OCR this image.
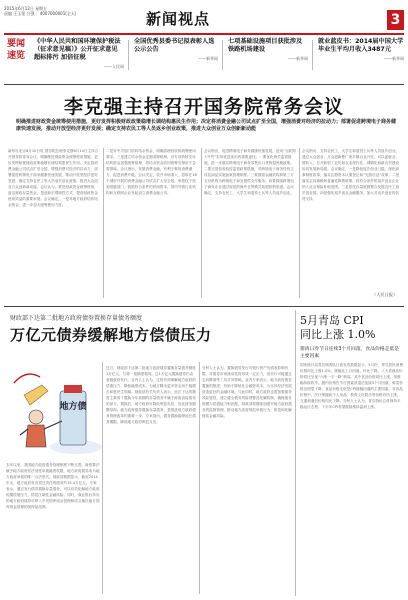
2015年6月12日 星期五
责编 王玉玺 吕强 ：4007000001(全天)	新闻视点	3
要闻速览
《中华人民共和国环境保护税法（征求意见稿）》公开征求意见 超标排污 加倍征税
——人民网
全国优秀县委书记拟表彰人选公示公告
——新华网
七项基础设施项目获批涉及铁路机场建设
——新华网
就业蓝皮书：2014届中国大学毕业生平均月收入3487元
——新华网
李克强主持召开国务院常务会议
明确推进财政资金统筹使用措施，更好发挥积极财政政策稳增长调结构惠民生作用；决定将消费金融公司试点扩至全国，增强消费对经济的拉动力；部署促进跨境电子商务健康快速发展，推动开放型经济更好发展；确定支持农民工等人员返乡创业政策，推进大众创业万众创新新动能
新华社北京6月10日电 国务院总理李克强6月10日主持召开国务院常务会议，明确推进财政资金统筹使用措施，更好发挥积极财政政策稳增长调结构惠民生作用；决定将消费金融公司试点扩至全国，增强消费对经济的拉动力；部署促进跨境电子商务健康快速发展，推动开放型经济更好发展；确定支持农民工等人员返乡创业政策，推进大众创业万众创新新动能。会议认为，推进财政资金统筹使用，盘活财政存量资金，是创新宏观调控方式、提高财政资金使用效益的重要举措。会议确定，一是对地方政府结转结余资金，进一步加大统筹使用力度。
二是对中央部门结转结余资金，明确清理回收和统筹使用要求。三是建立结余资金定期清理机制，对专项转移支付结转资金加强统筹管理，将结余资金收回统筹安排用于急需领域。会议指出，发展消费金融，有利于释放消费潜力、促进消费升级。会议决定，放开市场准入，将原在16个城市开展的消费金融公司试点扩大至全国。审批权下放到省级部门，鼓励符合条件的民间资本、国内外银行业机构和互联网企业发起设立消费金融公司。
会议指出，促进跨境电子商务健康快速发展，是用“互联网+外贸”实现优进优出的重要途径。一要优化海关监管措施，进一步落实跨境电子商务零售出口货物退免税政策。二要完善检验检疫监管政策措施，对跨境电子商务经营主体及商品实施备案管理制度。三要鼓励金融机构和第三方支付机构为跨境电子商务提供支付服务。四要鼓励跨境电子商务企业通过规范的海外仓等模式拓展营销渠道。会议确定，支持农民工、大学生和退役士兵等人员返乡创业。
会议指出，支持农民工、大学生和退役士兵等人员返乡创业，通过大众创业、万众创新使广袤乡镇百业兴旺，可以促就业、增收入，打开新型工业化和农业现代化、城镇化和新农村建设协同发展新局面。会议确定，一是降低返乡创业门槛，深化商事制度改革，落实注册资本认缴登记和“先照后证”改革。二是落实定向减税和普遍性降费政策，将符合条件的返乡创业企业纳入社会保险补贴范围。三是依托存量资源整合发展农民工返乡创业园。四是强化返乡创业金融服务，加大对返乡创业的信贷支持。
（人民日报）
财政部下达第二批地方政府债券置换存量债务额度
万亿元债券缓解地方偿债压力
5月青岛 CPI
同比上涨 1.0%
猪肉日券节日连续3个月回落，食品价格走低是主要因素
地方债
近日，财政部下达第二批地方政府债券置换存量债务额度1万亿元。与第一批额度相同，这1万亿元置换债券仍由省级政府发行。业内人士认为，这将有效缓解地方政府的偿债压力，降低融资成本，为地方腾出更多资金用于稳增长和惠民生领域。财政部有关负责人表示，此次下达的额度主要用于置换今年到期的存量债务中属于政府直接债务的部分。置换后，地方政府可降低利息负担，优化债务期限结构。地方政府债券置换存量债务，是推进地方政府债务管理改革的重要一步。专家指出，债务置换能够延长债务期限，降低地方政府利息支出。
去年以来，我国地方政府债务管理制度不断完善。新预算法赋予地方政府依法适度举债融资权限，地方政府债券成为地方政府举债的唯一合法形式。财政部数据显示，截至2014年末，地方政府负有偿还责任的债务约15.4万亿元。专家表示，通过发行债券置换存量债务，可以有效化解地方政府短期偿债压力，防范区域性金融风险。同时，商业银行持有的地方政府债券可纳入中央国库现金管理和试点地区地方国库现金管理的抵押品范围。
分析人士认为，置换债券发行对银行资产负债表影响有限，对债券市场流动性将形成一定压力，但央行可能通过定向降准等工具对冲影响。业内专家表示，地方政府债券置换的推进，有助于降低社会融资成本，为实体经济发展营造更好的金融环境。与此同时，地方政府也需加强债务风险管控，建立健全债务风险预警及化解机制，确保债务规模与偿债能力相匹配。财政部将继续加强对地方政府债务的监督管理，推动地方政府规范举债行为，防范和化解财政金融风险。
国家统计局青岛调查队日前发布数据显示，5月份，青岛居民消费价格同比上涨1.0%，涨幅比上月回落，环比下降。八大类商品价格同比呈现“六涨一平一降”格局。其中食品价格同比上涨，但涨幅持续收窄。猪肉价格在节日因素消退后连续3个月回落，鲜菜价格也明显下降，食品价格走低是CPI涨幅回落的主要因素。非食品价格中，医疗保健和个人用品、教育文化娱乐等价格有所上涨，交通和通信价格同比下降。分析人士认为，青岛物价总体保持平稳运行态势，下半年CPI有望继续维持温和上涨。
